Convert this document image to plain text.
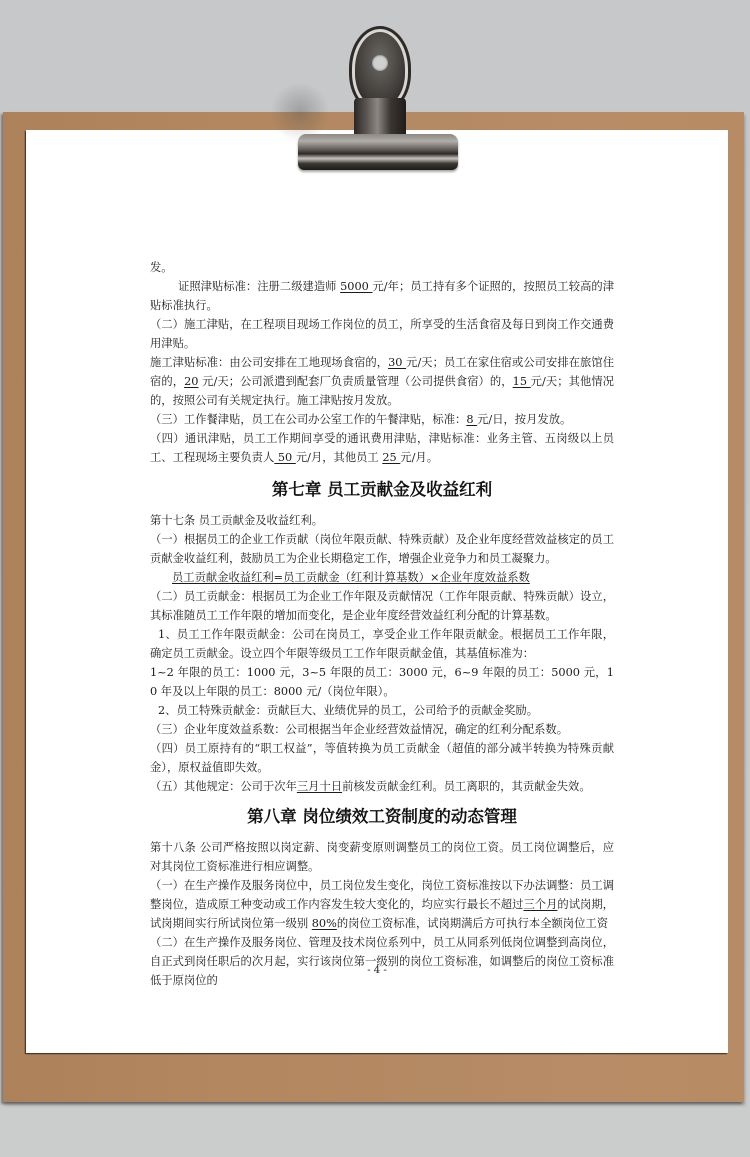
发。

证照津贴标准：注册二级建造师 5000 元/年；员工持有多个证照的，按照员工较高的津贴标准执行。

（二）施工津贴，在工程项目现场工作岗位的员工，所享受的生活食宿及每日到岗工作交通费用津贴。

施工津贴标准：由公司安排在工地现场食宿的，30 元/天；员工在家住宿或公司安排在旅馆住宿的，20 元/天；公司派遣到配套厂负责质量管理（公司提供食宿）的，15 元/天；其他情况的，按照公司有关规定执行。施工津贴按月发放。

（三）工作餐津贴，员工在公司办公室工作的午餐津贴，标准：8 元/日，按月发放。

（四）通讯津贴，员工工作期间享受的通讯费用津贴，津贴标准：业务主管、五岗级以上员工、工程现场主要负责人 50 元/月，其他员工 25 元/月。

第七章 员工贡献金及收益红利

第十七条 员工贡献金及收益红利。

（一）根据员工的企业工作贡献（岗位年限贡献、特殊贡献）及企业年度经营效益核定的员工贡献金收益红利，鼓励员工为企业长期稳定工作，增强企业竞争力和员工凝聚力。

员工贡献金收益红利=员工贡献金（红利计算基数）×企业年度效益系数

（二）员工贡献金：根据员工为企业工作年限及贡献情况（工作年限贡献、特殊贡献）设立，其标准随员工工作年限的增加而变化，是企业年度经营效益红利分配的计算基数。

1、员工工作年限贡献金：公司在岗员工，享受企业工作年限贡献金。根据员工工作年限，确定员工贡献金。设立四个年限等级员工工作年限贡献金值，其基值标准为：

1~2 年限的员工：1000 元，3~5 年限的员工：3000 元，6~9 年限的员工：5000 元，10 年及以上年限的员工：8000 元/（岗位年限）。

2、员工特殊贡献金：贡献巨大、业绩优异的员工，公司给予的贡献金奖励。

（三）企业年度效益系数：公司根据当年企业经营效益情况，确定的红利分配系数。

（四）员工原持有的“职工权益”，等值转换为员工贡献金（超值的部分减半转换为特殊贡献金），原权益值即失效。

（五）其他规定：公司于次年三月十日前核发贡献金红利。员工离职的，其贡献金失效。

第八章 岗位绩效工资制度的动态管理

第十八条 公司严格按照以岗定薪、岗变薪变原则调整员工的岗位工资。员工岗位调整后，应对其岗位工资标准进行相应调整。

（一）在生产操作及服务岗位中，员工岗位发生变化，岗位工资标准按以下办法调整：员工调整岗位，造成原工种变动或工作内容发生较大变化的，均应实行最长不超过三个月的试岗期，试岗期间实行所试岗位第一级别 80%的岗位工资标准，试岗期满后方可执行本全额岗位工资

（二）在生产操作及服务岗位、管理及技术岗位系列中，员工从同系列低岗位调整到高岗位，自正式到岗任职后的次月起，实行该岗位第一级别的岗位工资标准，如调整后的岗位工资标准低于原岗位的

- 4 -
